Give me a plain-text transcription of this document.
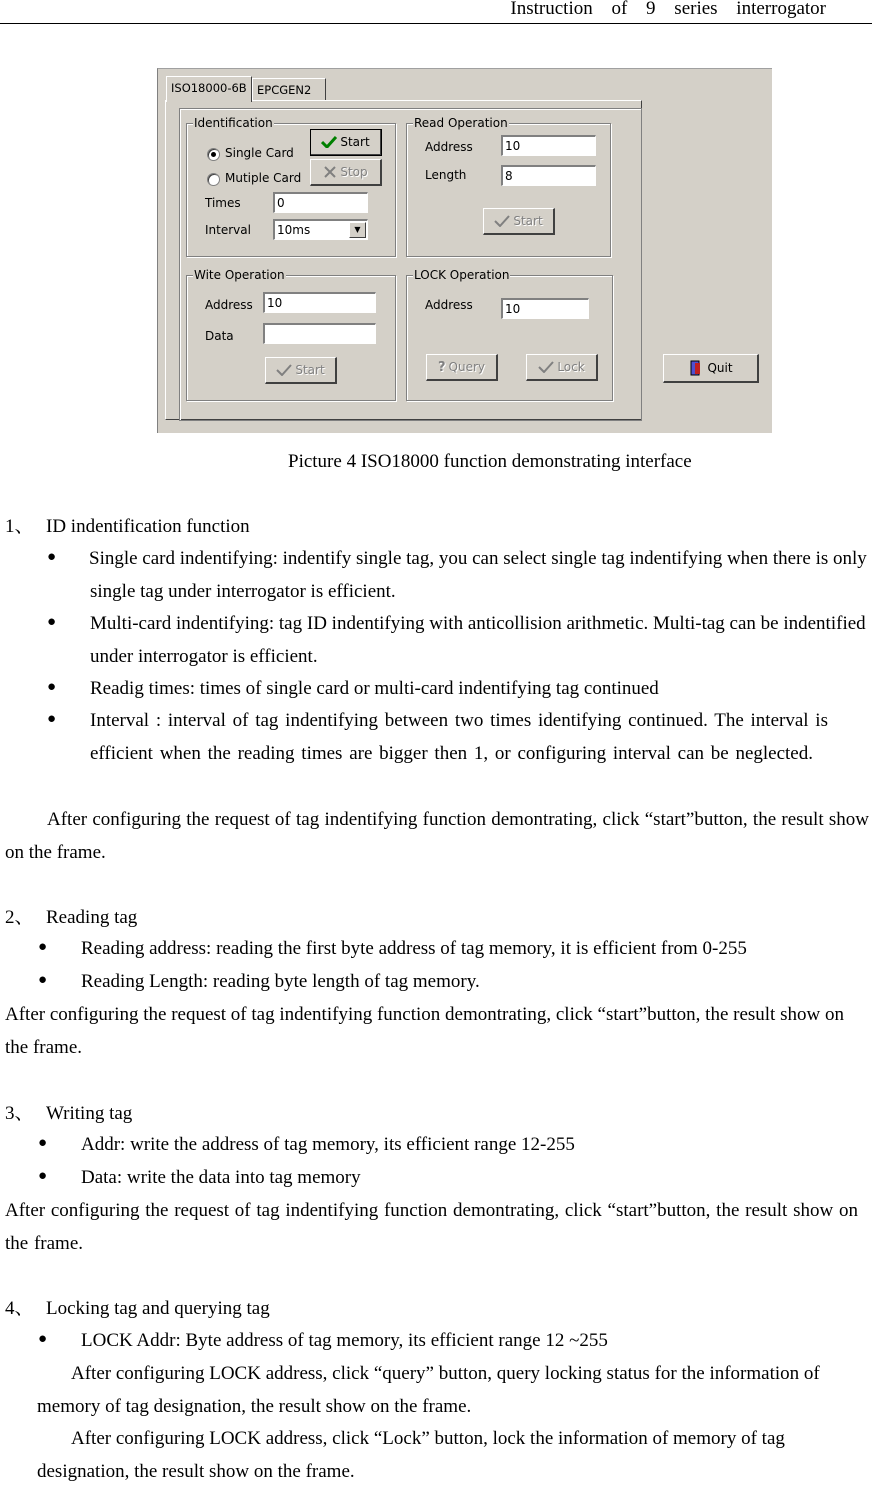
Instruction of 9 series interrogator
ISO18000-6B EPCGEN2
Identification
Single Card
Mutiple Card
Times	0
Interval	10ms	▼
Start
Stop
Read Operation
Address	10
Length	8
Start
Wite Operation
Address	10
Data
Start
LOCK Operation
Address	10
? Query	Lock	Quit
Picture 4 ISO18000 function demonstrating interface
1、 ID indentification function
● Single card indentifying: indentify single tag, you can select single tag indentifying when there is only single tag under interrogator is efficient.

● Multi-card indentifying: tag ID indentifying with anticollision arithmetic. Multi-tag can be indentified under interrogator is efficient.

● Readig times: times of single card or multi-card indentifying tag continued

● Interval : interval of tag indentifying between two times identifying continued. The interval is efficient when the reading times are bigger then 1, or configuring interval can be neglected.

After configuring the request of tag indentifying function demontrating, click “start”button, the result show on the frame.

2、 Reading tag
● Reading address: reading the first byte address of tag memory, it is efficient from 0-255

● Reading Length: reading byte length of tag memory.

After configuring the request of tag indentifying function demontrating, click “start”button, the result show on the frame.

3、 Writing tag
● Addr: write the address of tag memory, its efficient range 12-255

● Data: write the data into tag memory

After configuring the request of tag indentifying function demontrating, click “start”button, the result show on the frame.

4、 Locking tag and querying tag
● LOCK Addr: Byte address of tag memory, its efficient range 12 ~255

After configuring LOCK address, click “query” button, query locking status for the information of memory of tag designation, the result show on the frame.

After configuring LOCK address, click “Lock” button, lock the information of memory of tag designation, the result show on the frame.
